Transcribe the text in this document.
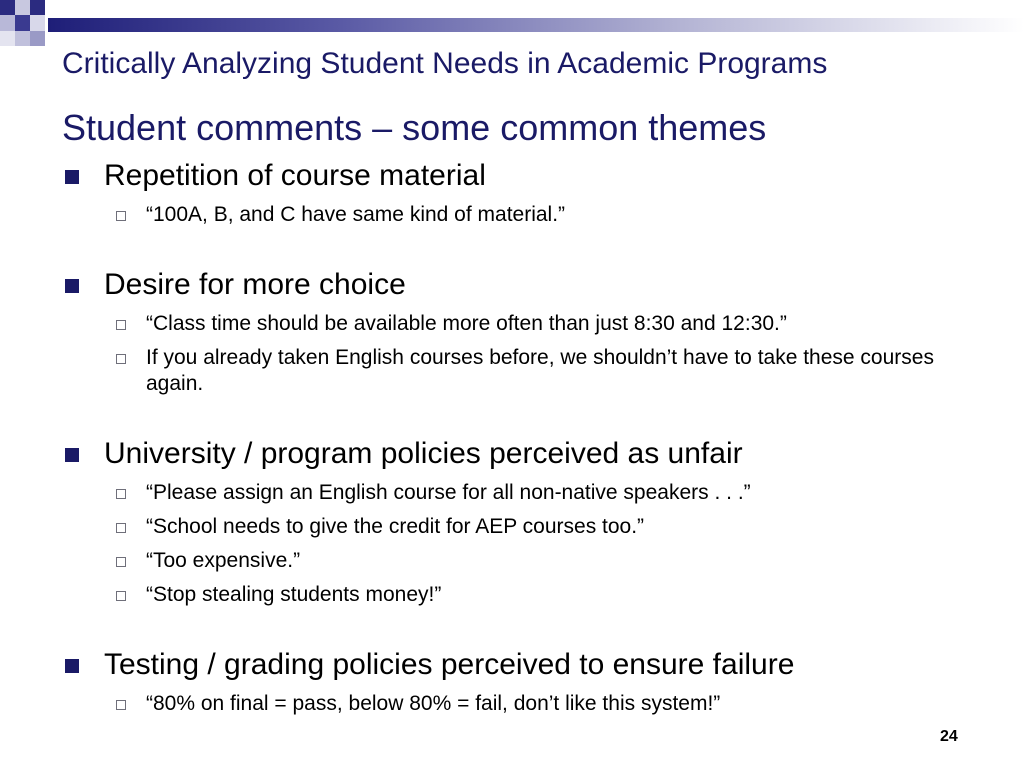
Critically Analyzing Student Needs in Academic Programs
Student comments – some common themes
Repetition of course material
“100A, B, and C have same kind of material.”
Desire for more choice
“Class time should be available more often than just 8:30 and 12:30.”
If you already taken English courses before, we shouldn’t have to take these courses again.
University / program policies perceived as unfair
“Please assign an English course for all non-native speakers . . .”
“School needs to give the credit for AEP courses too.”
“Too expensive.”
“Stop stealing students money!”
Testing / grading policies perceived to ensure failure
“80% on final = pass, below 80% = fail, don’t like this system!”
24
